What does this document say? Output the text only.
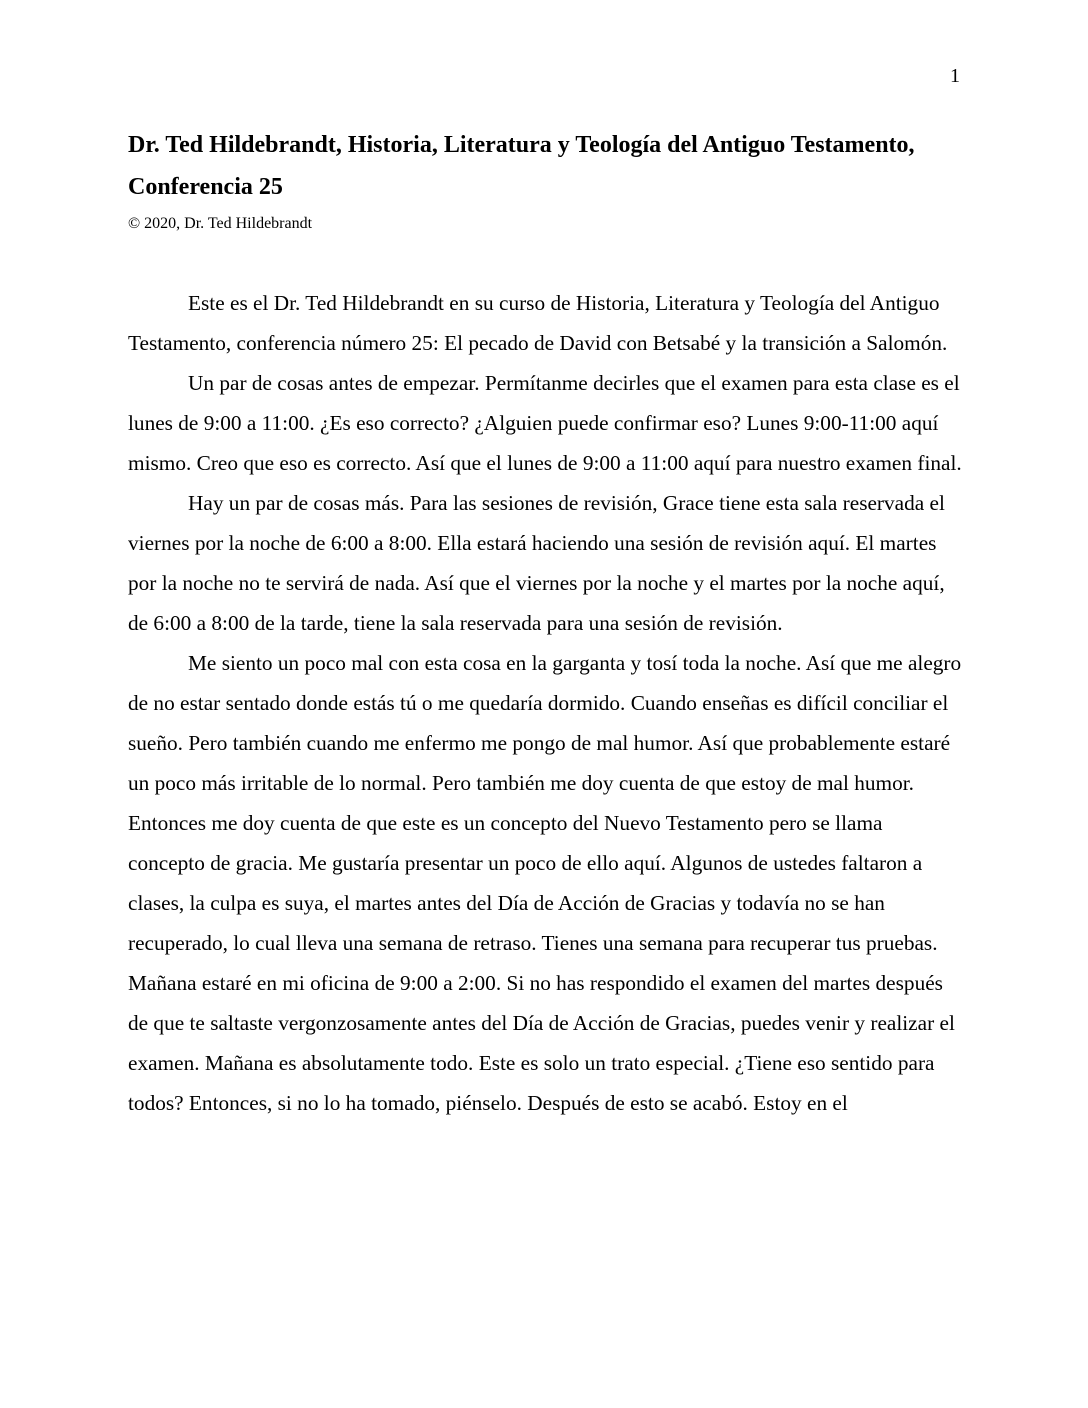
1
Dr. Ted Hildebrandt, Historia, Literatura y Teología del Antiguo Testamento,
Conferencia 25
© 2020, Dr. Ted Hildebrandt

Este es el Dr. Ted Hildebrandt en su curso de Historia, Literatura y Teología del Antiguo Testamento, conferencia número 25: El pecado de David con Betsabé y la transición a Salomón.

Un par de cosas antes de empezar. Permítanme decirles que el examen para esta clase es el lunes de 9:00 a 11:00. ¿Es eso correcto? ¿Alguien puede confirmar eso? Lunes 9:00-11:00 aquí mismo. Creo que eso es correcto. Así que el lunes de 9:00 a 11:00 aquí para nuestro examen final.

Hay un par de cosas más. Para las sesiones de revisión, Grace tiene esta sala reservada el viernes por la noche de 6:00 a 8:00. Ella estará haciendo una sesión de revisión aquí. El martes por la noche no te servirá de nada. Así que el viernes por la noche y el martes por la noche aquí, de 6:00 a 8:00 de la tarde, tiene la sala reservada para una sesión de revisión.

Me siento un poco mal con esta cosa en la garganta y tosí toda la noche. Así que me alegro de no estar sentado donde estás tú o me quedaría dormido. Cuando enseñas es difícil conciliar el sueño. Pero también cuando me enfermo me pongo de mal humor. Así que probablemente estaré un poco más irritable de lo normal. Pero también me doy cuenta de que estoy de mal humor. Entonces me doy cuenta de que este es un concepto del Nuevo Testamento pero se llama concepto de gracia. Me gustaría presentar un poco de ello aquí. Algunos de ustedes faltaron a clases, la culpa es suya, el martes antes del Día de Acción de Gracias y todavía no se han recuperado, lo cual lleva una semana de retraso. Tienes una semana para recuperar tus pruebas. Mañana estaré en mi oficina de 9:00 a 2:00. Si no has respondido el examen del martes después de que te saltaste vergonzosamente antes del Día de Acción de Gracias, puedes venir y realizar el examen. Mañana es absolutamente todo. Este es solo un trato especial. ¿Tiene eso sentido para todos? Entonces, si no lo ha tomado, piénselo. Después de esto se acabó. Estoy en el
